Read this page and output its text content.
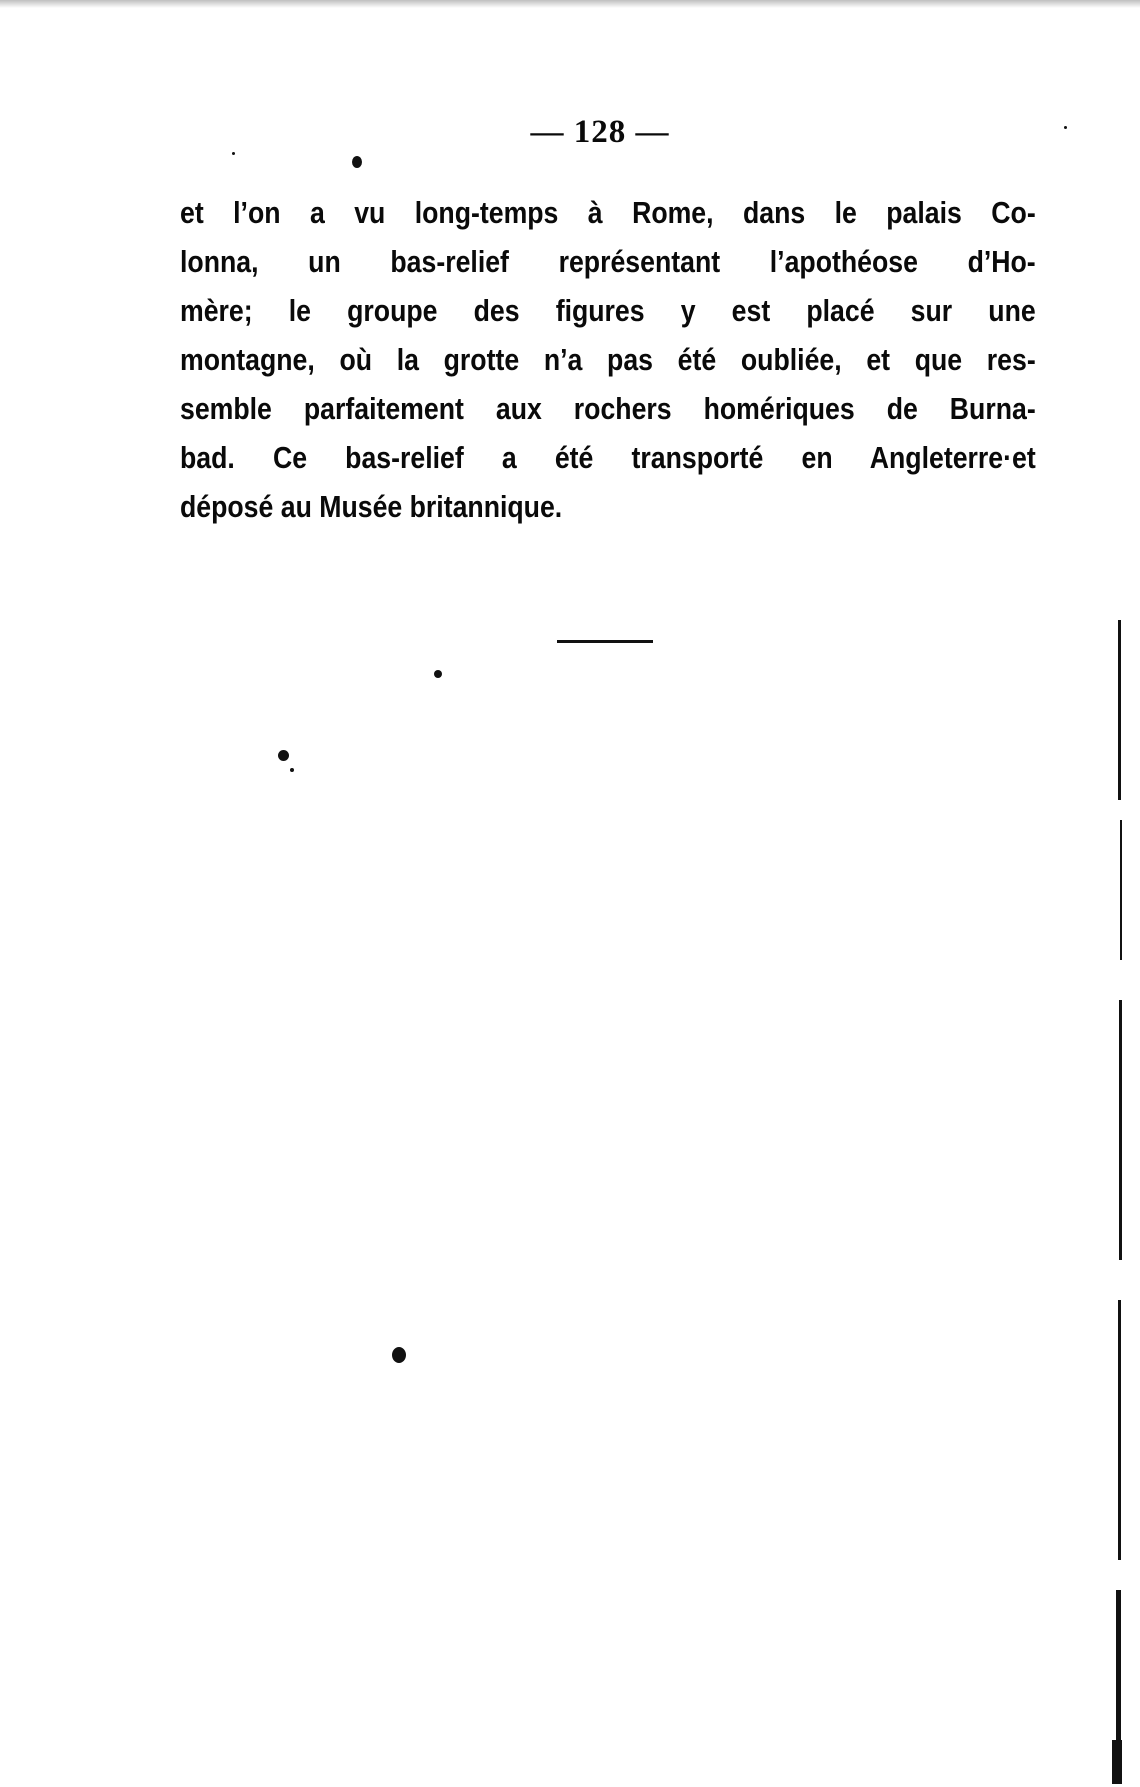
— 128 —
et l’on a vu long-temps à Rome, dans le palais Co-
lonna, un bas-relief représentant l’apothéose d’Ho-
mère; le groupe des figures y est placé sur une
montagne, où la grotte n’a pas été oubliée, et que res-
semble parfaitement aux rochers homériques de Burna-
bad. Ce bas-relief a été transporté en Angleterre·et
déposé au Musée britannique.
